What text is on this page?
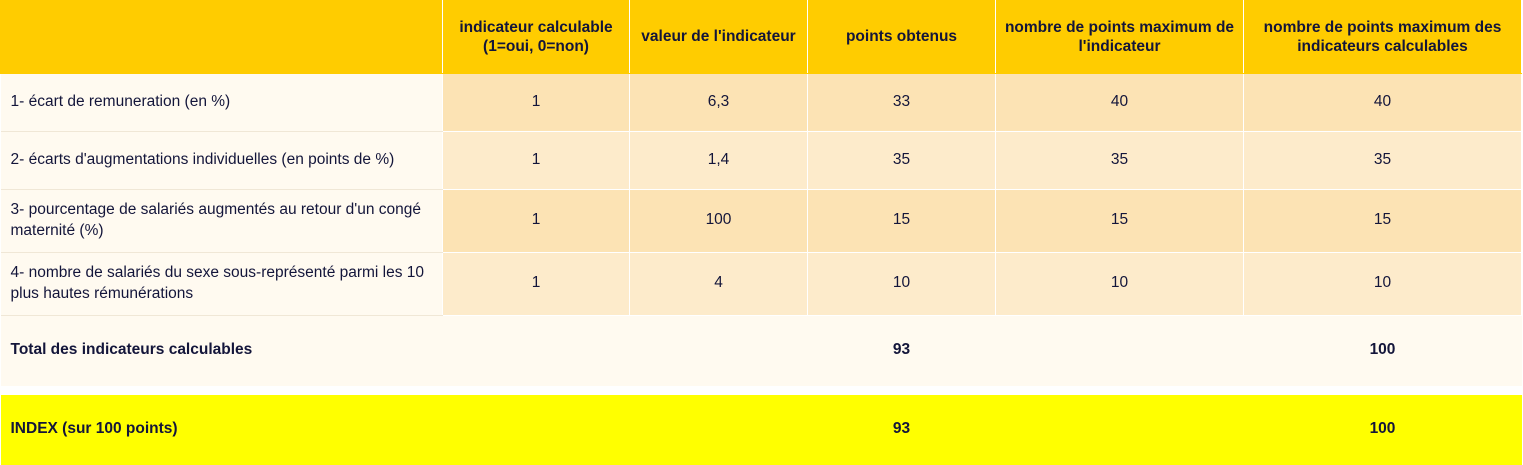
	indicateur calculable (1=oui, 0=non)	valeur de l'indicateur	points obtenus	nombre de points maximum de l'indicateur	nombre de points maximum des indicateurs calculables
1- écart de remuneration (en %)	1	6,3	33	40	40
2- écarts d'augmentations individuelles (en points de %)	1	1,4	35	35	35
3- pourcentage de salariés augmentés au retour d'un congé maternité (%)	1	100	15	15	15
4- nombre de salariés du sexe sous-représenté parmi les 10 plus hautes rémunérations	1	4	10	10	10
Total des indicateurs calculables			93		100

INDEX (sur 100 points)			93		100
